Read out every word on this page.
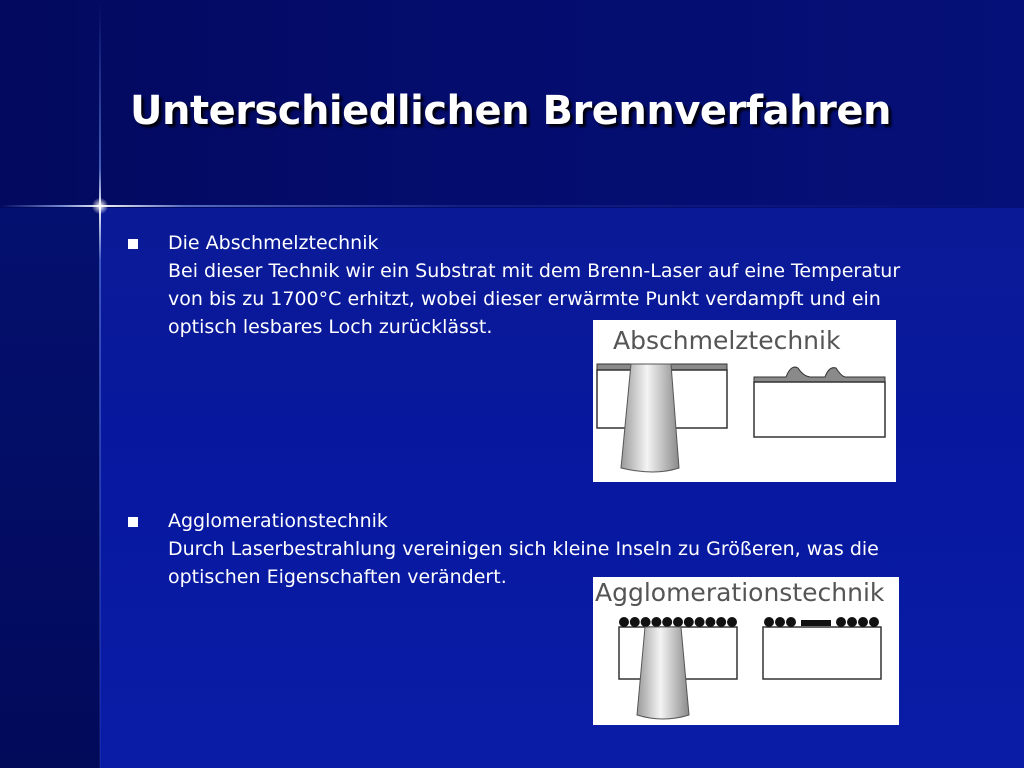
Unterschiedlichen Brennverfahren
Die Abschmelztechnik
Bei dieser Technik wir ein Substrat mit dem Brenn-Laser auf eine Temperatur
von bis zu 1700°C erhitzt, wobei dieser erwärmte Punkt verdampft und ein
optisch lesbares Loch zurücklässt.	Abschmelztechnik
Agglomerationstechnik
Durch Laserbestrahlung vereinigen sich kleine Inseln zu Größeren, was die
optischen Eigenschaften verändert.
Agglomerationstechnik
